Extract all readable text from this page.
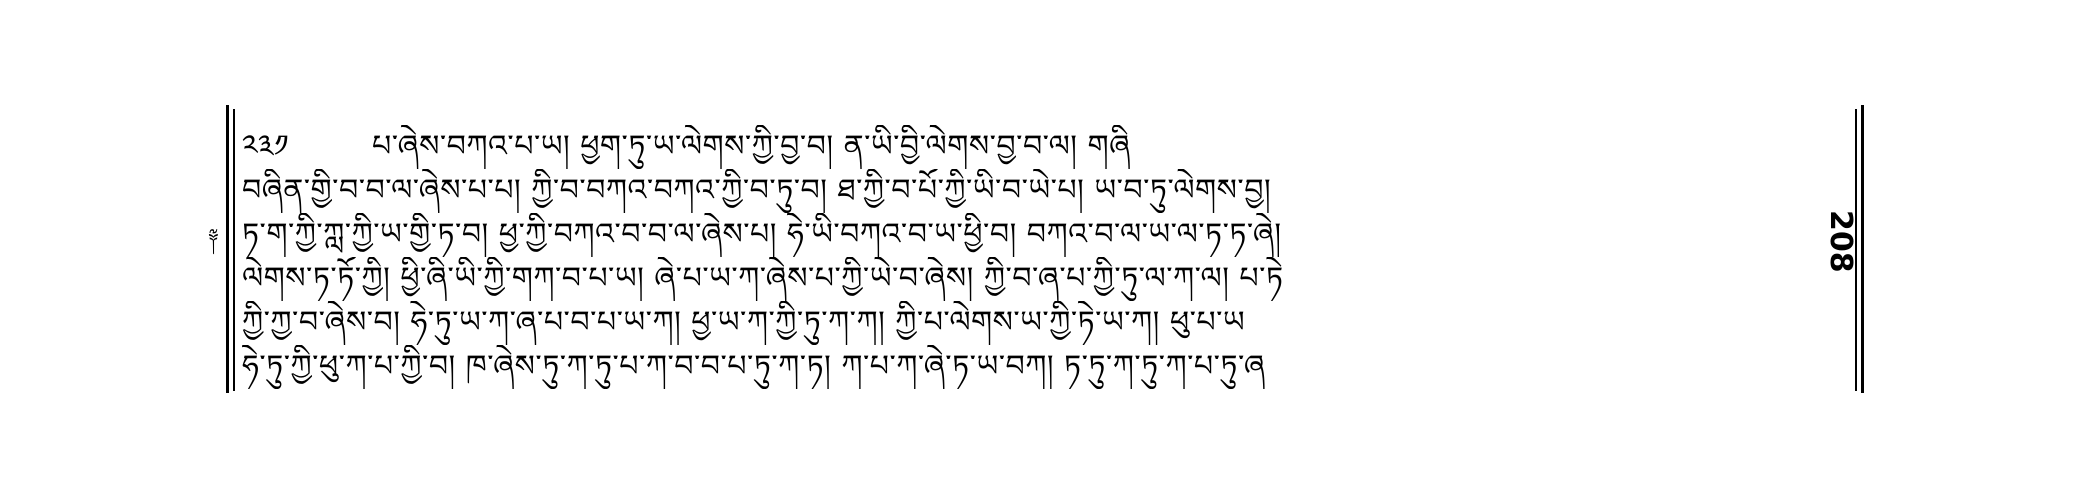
༢༣༡	པ་ཞེས་བཀའ་པ་ཡ། ཕྱག་ཏུ་ཡ་ལེགས་ཀྱི་བྱ་བ། ན་ཡི་བྱི་ལེགས་བྱ་བ་ལ། གཞི
བཞིན་གྱི་བ་བ་ལ་ཞེས་པ་པ། ཀྱི་བ་བཀའ་བཀའ་ཀྱི་བ་ཏུ་བ། ཐ་ཀྱི་བ་པོ་ཀྱི་ཡི་བ་ཡེ་པ། ཡ་བ་ཏུ་ལེགས་བྱ།
ཏ་ག་ཀྱི་ཀླ་ཀྱི་ཡ་གྱི་ཏ་བ། ཕྱ་ཀྱི་བཀའ་བ་བ་ལ་ཞེས་པ། ཧེ་ཡི་བཀའ་བ་ཡ་ཕྱི་བ། བཀའ་བ་ལ་ཡ་ལ་ཏ་ཏ་ཞེ།
ལེགས་ཏ་ཏོ་ཀྱི། ཕྱི་ཞི་ཡི་ཀྱི་གཀ་བ་པ་ཡ། ཞེ་པ་ཡ་ཀ་ཞེས་པ་ཀྱི་ཡེ་བ་ཞེས། ཀྱི་བ་ཞ་པ་ཀྱི་ཏུ་ལ་ཀ་ལ། པ་ཏེ
ཀྱི་ཀྱ་བ་ཞེས་བ། ཧེ་ཏུ་ཡ་ཀ་ཞ་པ་བ་པ་ཡ་ཀ། ཕྱ་ཡ་ཀ་ཀྱི་ཏུ་ཀ་ཀ། ཀྱི་པ་ལེགས་ཡ་ཀྱི་ཏེ་ཡ་ཀ། ཕུ་པ་ཡ
ཧེ་ཏུ་ཀྱི་ཕུ་ཀ་པ་ཀྱི་བ། ཁ་ཞེས་ཏུ་ཀ་ཏུ་པ་ཀ་བ་བ་པ་ཏུ་ཀ་ཏ། ཀ་པ་ཀ་ཞེ་ཏ་ཡ་བཀ། ཏ་ཏུ་ཀ་ཏུ་ཀ་པ་ཏུ་ཞ
༈	208
